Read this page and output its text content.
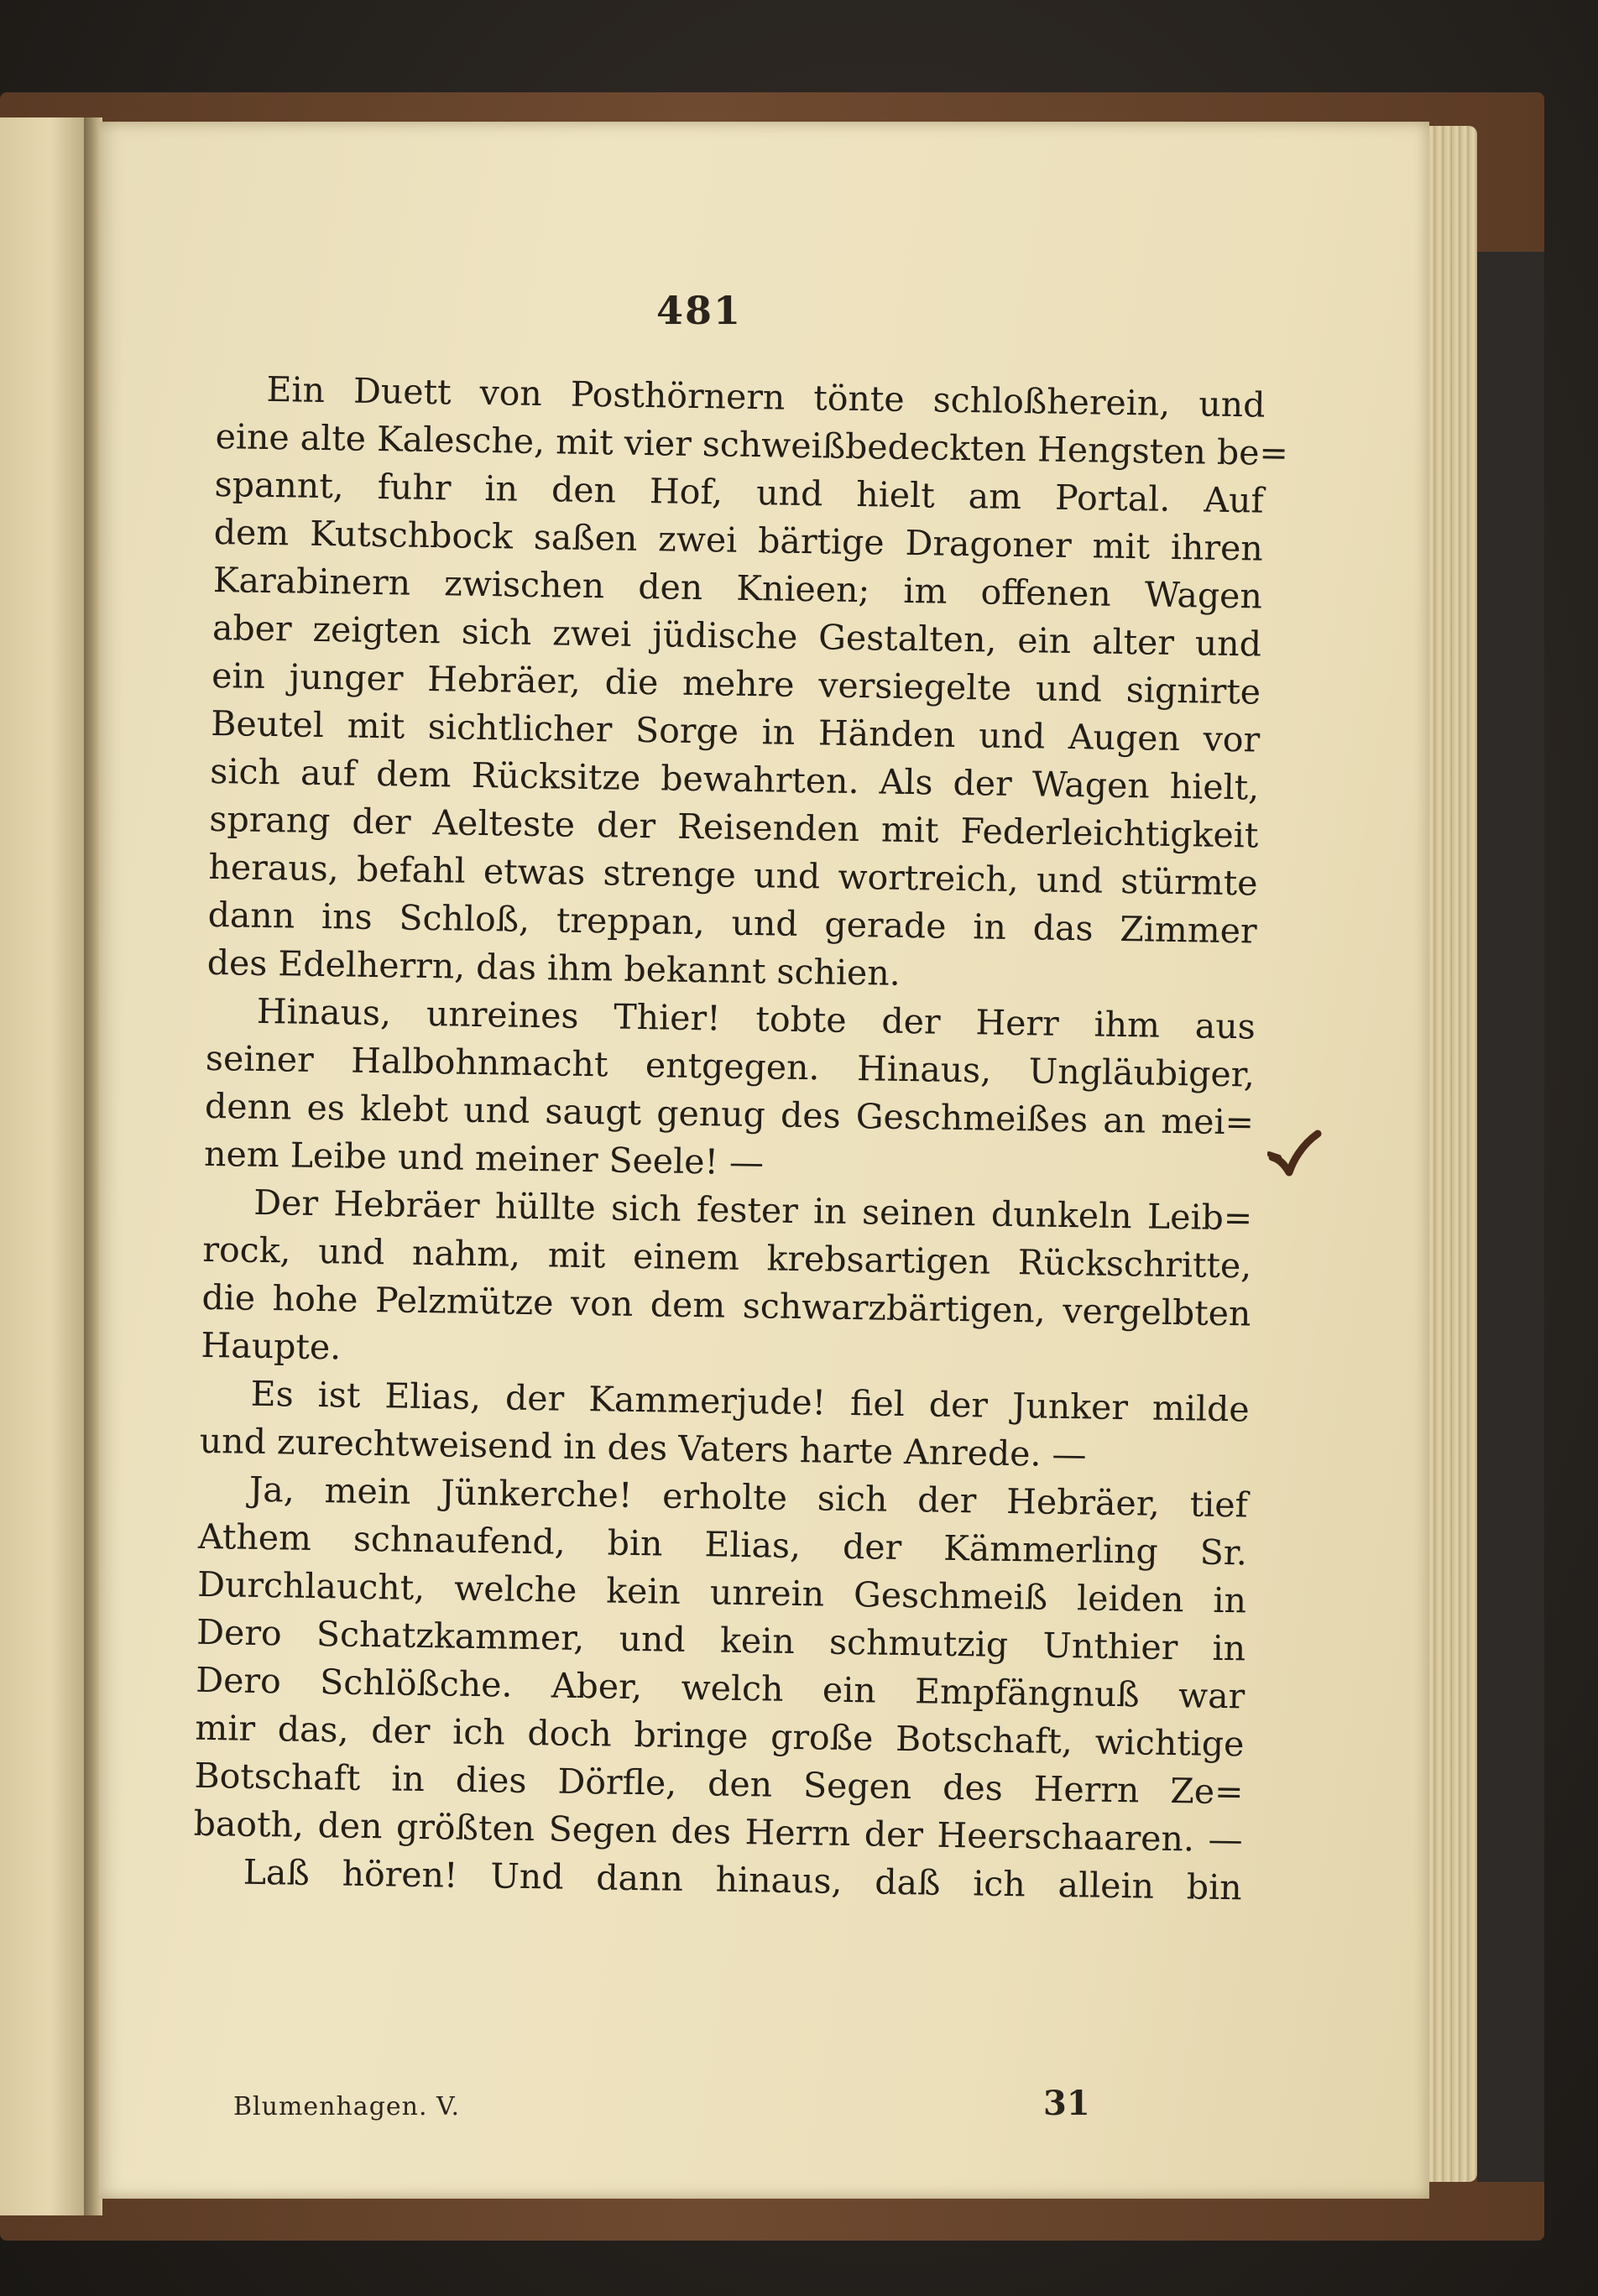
481
Ein Duett von Posthörnern tönte schloßherein, und
eine alte Kalesche, mit vier schweißbedeckten Hengsten be=
spannt, fuhr in den Hof, und hielt am Portal. Auf
dem Kutschbock saßen zwei bärtige Dragoner mit ihren
Karabinern zwischen den Knieen; im offenen Wagen
aber zeigten sich zwei jüdische Gestalten, ein alter und
ein junger Hebräer, die mehre versiegelte und signirte
Beutel mit sichtlicher Sorge in Händen und Augen vor
sich auf dem Rücksitze bewahrten. Als der Wagen hielt,
sprang der Aelteste der Reisenden mit Federleichtigkeit
heraus, befahl etwas strenge und wortreich, und stürmte
dann ins Schloß, treppan, und gerade in das Zimmer
des Edelherrn, das ihm bekannt schien.
Hinaus, unreines Thier! tobte der Herr ihm aus
seiner Halbohnmacht entgegen. Hinaus, Ungläubiger,
denn es klebt und saugt genug des Geschmeißes an mei=
nem Leibe und meiner Seele! —
Der Hebräer hüllte sich fester in seinen dunkeln Leib=
rock, und nahm, mit einem krebsartigen Rückschritte,
die hohe Pelzmütze von dem schwarzbärtigen, vergelbten
Haupte.
Es ist Elias, der Kammerjude! fiel der Junker milde
und zurechtweisend in des Vaters harte Anrede. —
Ja, mein Jünkerche! erholte sich der Hebräer, tief
Athem schnaufend, bin Elias, der Kämmerling Sr.
Durchlaucht, welche kein unrein Geschmeiß leiden in
Dero Schatzkammer, und kein schmutzig Unthier in
Dero Schlößche. Aber, welch ein Empfängnuß war
mir das, der ich doch bringe große Botschaft, wichtige
Botschaft in dies Dörfle, den Segen des Herrn Ze=
baoth, den größten Segen des Herrn der Heerschaaren. —
Laß hören! Und dann hinaus, daß ich allein bin
Blumenhagen. V.	31
